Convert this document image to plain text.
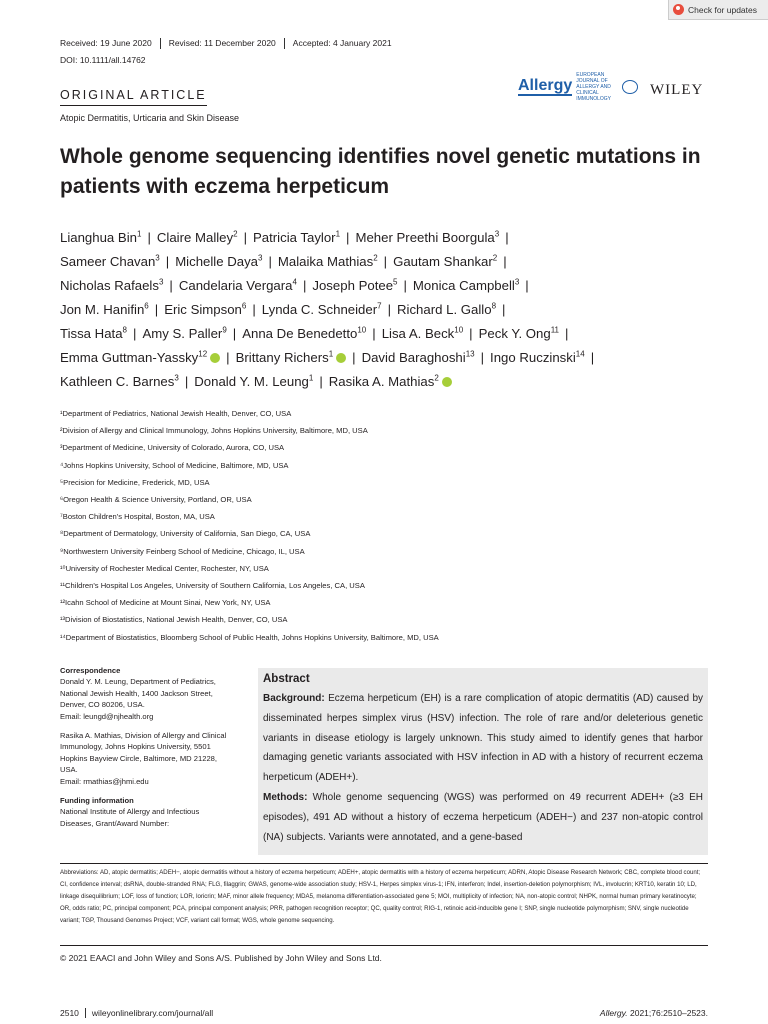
Check for updates
Received: 19 June 2020	Revised: 11 December 2020	Accepted: 4 January 2021
DOI: 10.1111/all.14762
ORIGINAL ARTICLE
Atopic Dermatitis, Urticaria and Skin Disease
Allergy
EUROPEAN JOURNAL OF ALLERGY AND CLINICAL IMMUNOLOGY
WILEY
Whole genome sequencing identifies novel genetic mutations in patients with eczema herpeticum
Lianghua Bin$^1$ | Claire Malley$^2$ | Patricia Taylor$^1$ | Meher Preethi Boorgula$^3$ |
Sameer Chavan$^3$ | Michelle Daya$^3$ | Malaika Mathias$^2$ | Gautam Shankar$^2$ |
Nicholas Rafaels$^3$ | Candelaria Vergara$^4$ | Joseph Potee$^5$ | Monica Campbell$^3$ |
Jon M. Hanifin$^6$ | Eric Simpson$^6$ | Lynda C. Schneider$^7$ | Richard L. Gallo$^8$ |
Tissa Hata$^8$ | Amy S. Paller$^9$ | Anna De Benedetto$^{10}$ | Lisa A. Beck$^{10}$ | Peck Y. Ong$^{11}$ |
Emma Guttman-Yassky$^{12}$ | Brittany Richers$^1$ | David Baraghoshi$^{13}$ | Ingo Ruczinski$^{14}$ |
Kathleen C. Barnes$^3$ | Donald Y. M. Leung$^1$ | Rasika A. Mathias$^2$
¹Department of Pediatrics, National Jewish Health, Denver, CO, USA
²Division of Allergy and Clinical Immunology, Johns Hopkins University, Baltimore, MD, USA
³Department of Medicine, University of Colorado, Aurora, CO, USA
⁴Johns Hopkins University, School of Medicine, Baltimore, MD, USA
⁵Precision for Medicine, Frederick, MD, USA
⁶Oregon Health & Science University, Portland, OR, USA
⁷Boston Children's Hospital, Boston, MA, USA
⁸Department of Dermatology, University of California, San Diego, CA, USA
⁹Northwestern University Feinberg School of Medicine, Chicago, IL, USA
¹⁰University of Rochester Medical Center, Rochester, NY, USA
¹¹Children's Hospital Los Angeles, University of Southern California, Los Angeles, CA, USA
¹²Icahn School of Medicine at Mount Sinai, New York, NY, USA
¹³Division of Biostatistics, National Jewish Health, Denver, CO, USA
¹⁴Department of Biostatistics, Bloomberg School of Public Health, Johns Hopkins University, Baltimore, MD, USA
Correspondence
Donald Y. M. Leung, Department of Pediatrics, National Jewish Health, 1400 Jackson Street, Denver, CO 80206, USA.
Email: leungd@njhealth.org
Rasika A. Mathias, Division of Allergy and Clinical Immunology, Johns Hopkins University, 5501 Hopkins Bayview Circle, Baltimore, MD 21228, USA.
Email: rmathias@jhmi.edu
Funding information
National Institute of Allergy and Infectious Diseases, Grant/Award Number:
Abstract

Background: Eczema herpeticum (EH) is a rare complication of atopic dermatitis (AD) caused by disseminated herpes simplex virus (HSV) infection. The role of rare and/or deleterious genetic variants in disease etiology is largely unknown. This study aimed to identify genes that harbor damaging genetic variants associated with HSV infection in AD with a history of recurrent eczema herpeticum (ADEH+).

Methods: Whole genome sequencing (WGS) was performed on 49 recurrent ADEH+ (≥3 EH episodes), 491 AD without a history of eczema herpeticum (ADEH−) and 237 non-atopic control (NA) subjects. Variants were annotated, and a gene-based

Abbreviations: AD, atopic dermatitis; ADEH−, atopic dermatitis without a history of eczema herpeticum; ADEH+, atopic dermatitis with a history of eczema herpeticum; ADRN, Atopic Disease Research Network; CBC, complete blood count; CI, confidence interval; dsRNA, double-stranded RNA; FLG, filaggrin; GWAS, genome-wide association study; HSV-1, Herpes simplex virus-1; IFN, interferon; Indel, insertion-deletion polymorphism; IVL, involucrin; KRT10, keratin 10; LD, linkage disequilibrium; LOF, loss of function; LOR, loricrin; MAF, minor allele frequency; MDA5, melanoma differentiation-associated gene 5; MOI, multiplicity of infection; NA, non-atopic control; NHPK, normal human primary keratinocyte; OR, odds ratio; PC, principal component; PCA, principal component analysis; PRR, pathogen recognition receptor; QC, quality control; RIG-1, retinoic acid-inducible gene I; SNP, single nucleotide polymorphism; SNV, single nucleotide variant; TGP, Thousand Genomes Project; VCF, variant call format; WGS, whole genome sequencing.
© 2021 EAACI and John Wiley and Sons A/S. Published by John Wiley and Sons Ltd.
2510	wileyonlinelibrary.com/journal/all	Allergy. 2021;76:2510–2523.
